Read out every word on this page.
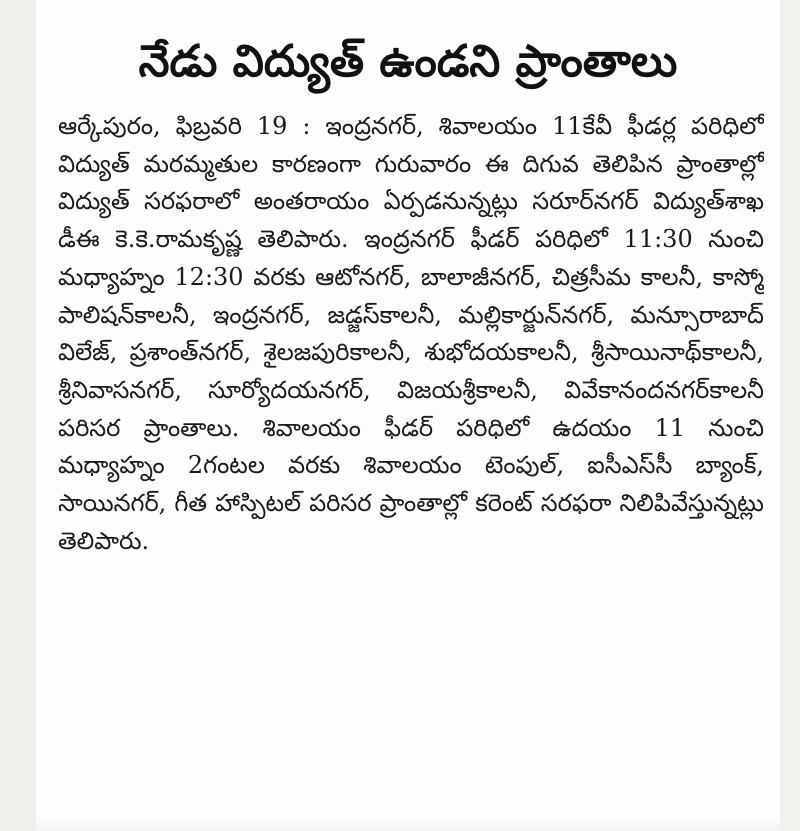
నేడు విద్యుత్ ఉండని ప్రాంతాలు

ఆర్కేపురం, ఫిబ్రవరి 19 : ఇంద్రనగర్, శివాలయం 11కేవీ ఫీడర్ల పరిధిలో విద్యుత్ మరమ్మతుల కారణంగా గురువారం ఈ దిగువ తెలిపిన ప్రాంతాల్లో విద్యుత్ సరఫరాలో అంతరాయం ఏర్పడనున్నట్లు సరూర్‌నగర్ విద్యుత్‌శాఖ డీఈ కె.కె.రామకృష్ణ తెలిపారు. ఇంద్రనగర్ ఫీడర్ పరిధిలో 11:30 నుంచి మధ్యాహ్నం 12:30 వరకు ఆటోనగర్, బాలాజీనగర్, చిత్రసీమ కాలనీ, కాస్మో పాలిషన్‌కాలనీ, ఇంద్రనగర్, జడ్జస్‌కాలనీ, మల్లికార్జున్‌నగర్, మన్సూరాబాద్ విలేజ్, ప్రశాంత్‌నగర్, శైలజపురికాలనీ, శుభోదయకాలనీ, శ్రీసాయినాథ్‌కాలనీ, శ్రీనివాసనగర్, సూర్యోదయనగర్, విజయశ్రీకాలనీ, వివేకానందనగర్‌కాలనీ పరిసర ప్రాంతాలు. శివాలయం ఫీడర్ పరిధిలో ఉదయం 11 నుంచి మధ్యాహ్నం 2గంటల వరకు శివాలయం టెంపుల్, ఐసీఎస్‌సీ బ్యాంక్, సాయినగర్, గీత హాస్పిటల్ పరిసర ప్రాంతాల్లో కరెంట్ సరఫరా నిలిపివేస్తున్నట్లు తెలిపారు.
